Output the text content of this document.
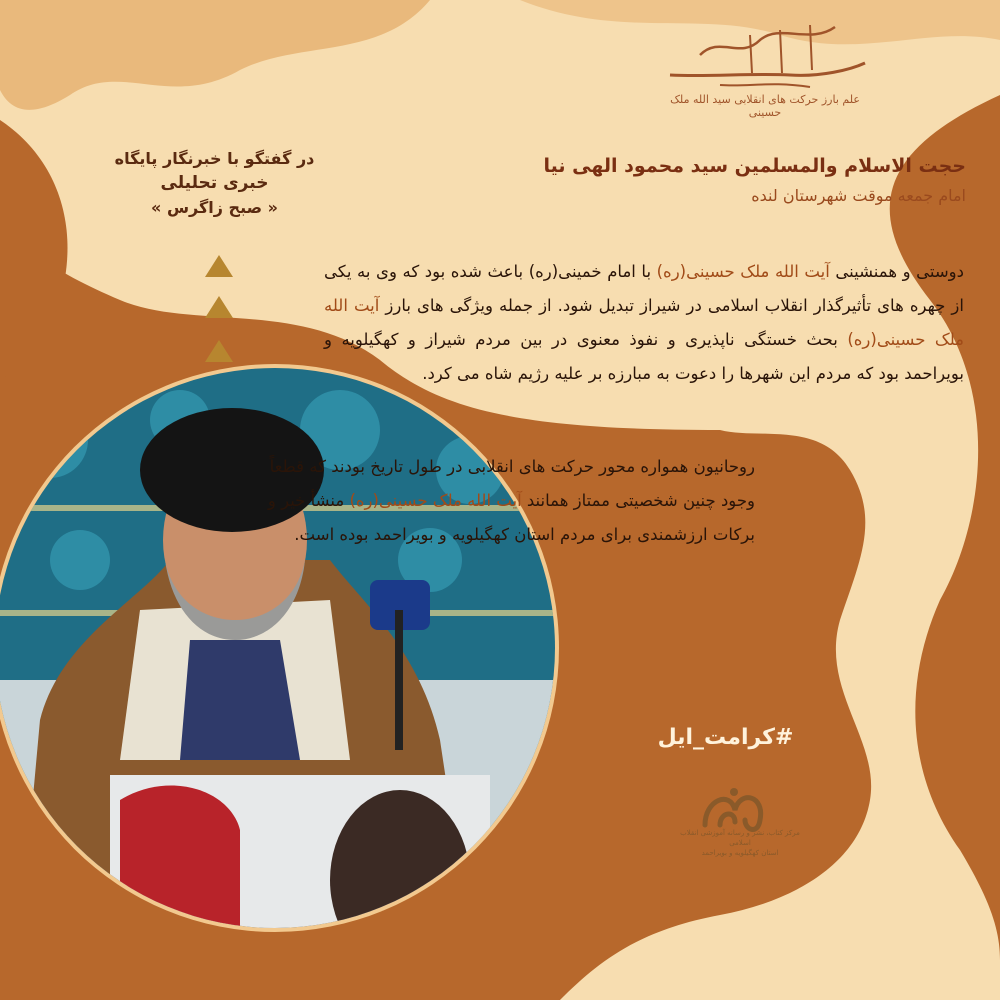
علم بارز حرکت های انقلابی سید الله ملک حسینی
در گفتگو با خبرنگار پایگاه
خبری تحلیلی
« صبح زاگرس »
حجت الاسلام والمسلمین سید محمود الهی نیا
امام جمعه موقت شهرستان لنده
دوستی و همنشینی آیت الله ملک حسینی(ره) با امام خمینی(ره) باعث شده بود که وی به یکی از چهره های تأثیرگذار انقلاب اسلامی در شیراز تبدیل شود. از جمله ویژگی های بارز آیت الله ملک حسینی(ره) بحث خستگی ناپذیری و نفوذ معنوی در بین مردم شیراز و کهگیلویه و بویراحمد بود که مردم این شهرها را دعوت به مبارزه بر علیه رژیم شاه می کرد.
روحانیون همواره محور حرکت های انقلابی در طول تاریخ بودند که قطعاً وجود چنین شخصیتی ممتاز همانند آیت الله ملک حسینی(ره) منشأ خیر و برکات ارزشمندی برای مردم استان کهگیلویه و بویراحمد بوده است.
#کرامت_ایل
مرکز کتاب، نشر و رسانه آموزشی انقلاب اسلامی
استان کهگیلویه و بویراحمد
